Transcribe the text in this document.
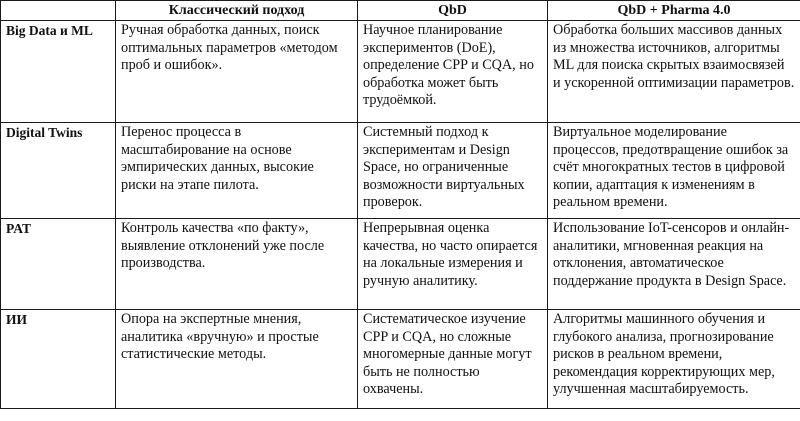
	Классический подход	QbD	QbD + Pharma 4.0
Big Data и ML	Ручная обработка данных, поиск оптимальных параметров «методом проб и ошибок».	Научное планирование экспериментов (DoE), определение CPP и CQA, но обработка может быть трудоёмкой.	Обработка больших массивов данных из множества источников, алгоритмы ML для поиска скрытых взаимосвязей и ускоренной оптимизации параметров.
Digital Twins	Перенос процесса в масштабирование на основе эмпирических данных, высокие риски на этапе пилота.	Системный подход к экспериментам и Design Space, но ограниченные возможности виртуальных проверок.	Виртуальное моделирование процессов, предотвращение ошибок за счёт многократных тестов в цифровой копии, адаптация к изменениям в реальном времени.
PAT	Контроль качества «по факту», выявление отклонений уже после производства.	Непрерывная оценка качества, но часто опирается на локальные измерения и ручную аналитику.	Использование IoT-сенсоров и онлайн-аналитики, мгновенная реакция на отклонения, автоматическое поддержание продукта в Design Space.
ИИ	Опора на экспертные мнения, аналитика «вручную» и простые статистические методы.	Систематическое изучение CPP и CQA, но сложные многомерные данные могут быть не полностью охвачены.	Алгоритмы машинного обучения и глубокого анализа, прогнозирование рисков в реальном времени, рекомендация корректирующих мер, улучшенная масштабируемость.
